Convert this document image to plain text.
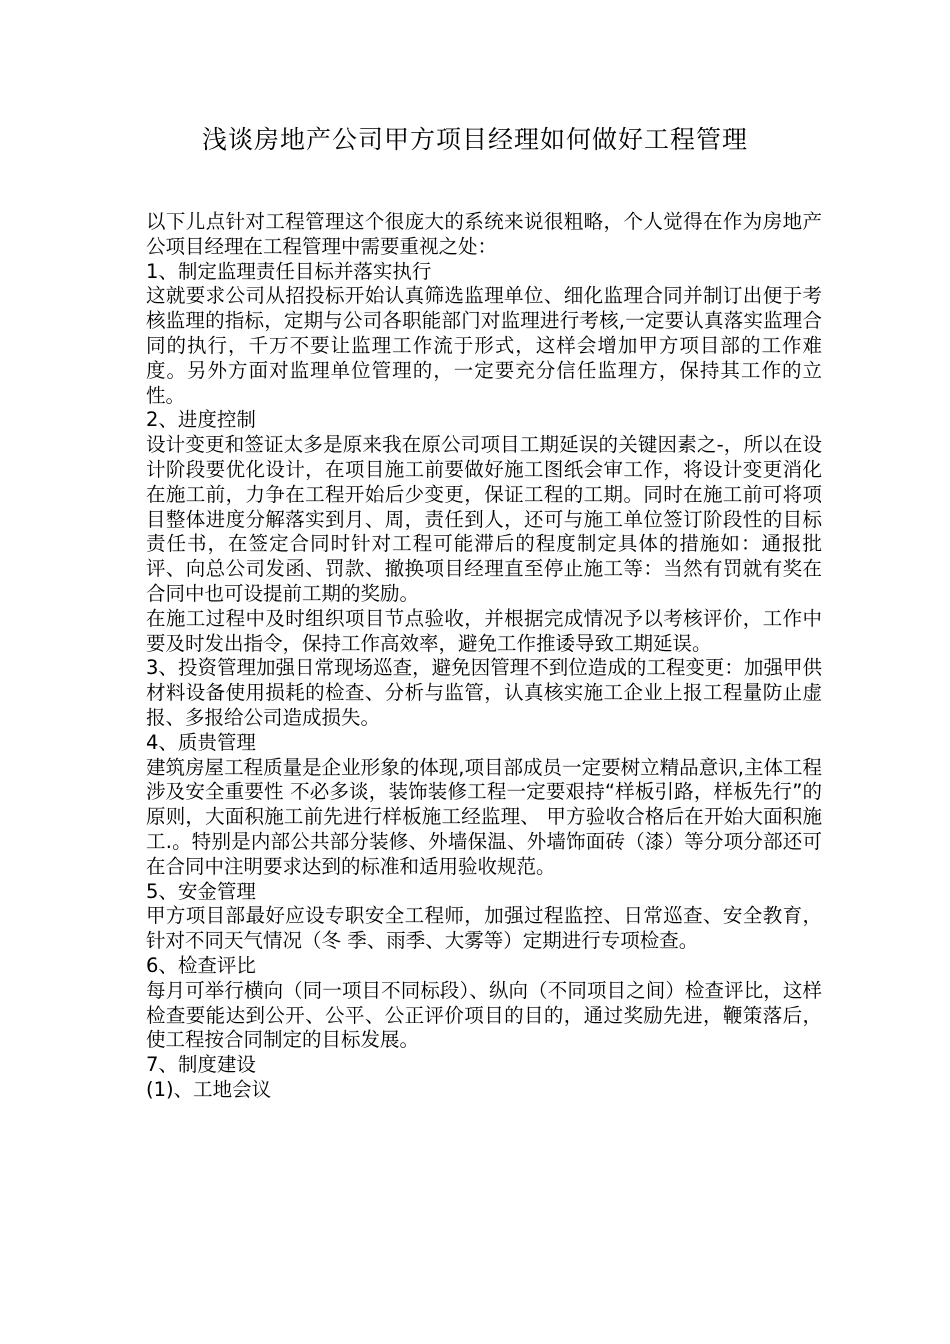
浅谈房地产公司甲方项目经理如何做好工程管理

以下儿点针对工程管理这个很庞大的系统来说很粗略，个人觉得在作为房地产公项目经理在工程管理中需要重视之处：

1、制定监理责任目标并落实执行

这就要求公司从招投标开始认真筛选监理单位、细化监理合同并制订出便于考核监理的指标，定期与公司各职能部门对监理进行考核,一定要认真落实监理合同的执行，千万不要让监理工作流于形式，这样会增加甲方项目部的工作难度。另外方面对监理单位管理的，一定要充分信任监理方，保持其工作的立性。

2、进度控制

设计变更和签证太多是原来我在原公司项目工期延误的关键因素之-，所以在设计阶段要优化设计，在项目施工前要做好施工图纸会审工作，将设计变更消化在施工前，力争在工程开始后少变更，保证工程的工期。同时在施工前可将项目整体进度分解落实到月、周，责任到人，还可与施工单位签订阶段性的目标责任书，在签定合同时针对工程可能滞后的程度制定具体的措施如：通报批评、向总公司发函、罚款、撤换项目经理直至停止施工等：当然有罚就有奖在合同中也可设提前工期的奖励。

在施工过程中及时组织项目节点验收，并根据完成情况予以考核评价，工作中要及时发出指令，保持工作高效率，避免工作推诿导致工期延误。

3、投资管理加强日常现场巡查，避免因管理不到位造成的工程变更：加强甲供材料设备使用损耗的检查、分析与监管，认真核实施工企业上报工程量防止虚报、多报给公司造成损失。

4、质贵管理

建筑房屋工程质量是企业形象的体现,项目部成员一定要树立精品意识,主体工程涉及安全重要性 不必多谈，装饰装修工程一定要艰持“样板引路，样板先行”的原则，大面积施工前先进行样板施工经监理、 甲方验收合格后在开始大面积施工.。特别是内部公共部分装修、外墙保温、外墙饰面砖（漆）等分项分部还可在合同中注明要求达到的标准和适用验收规范。

5、安金管理

甲方项目部最好应设专职安全工程师，加强过程监控、日常巡查、安全教育，针对不同天气情况（冬 季、雨季、大雾等）定期进行专项检查。

6、检查评比

每月可举行横向（同一项目不同标段）、纵向（不同项目之间）检查评比，这样检查要能达到公开、公平、公正评价项目的目的，通过奖励先进，鞭策落后，使工程按合同制定的目标发展。

7、制度建设

(1)、工地会议
